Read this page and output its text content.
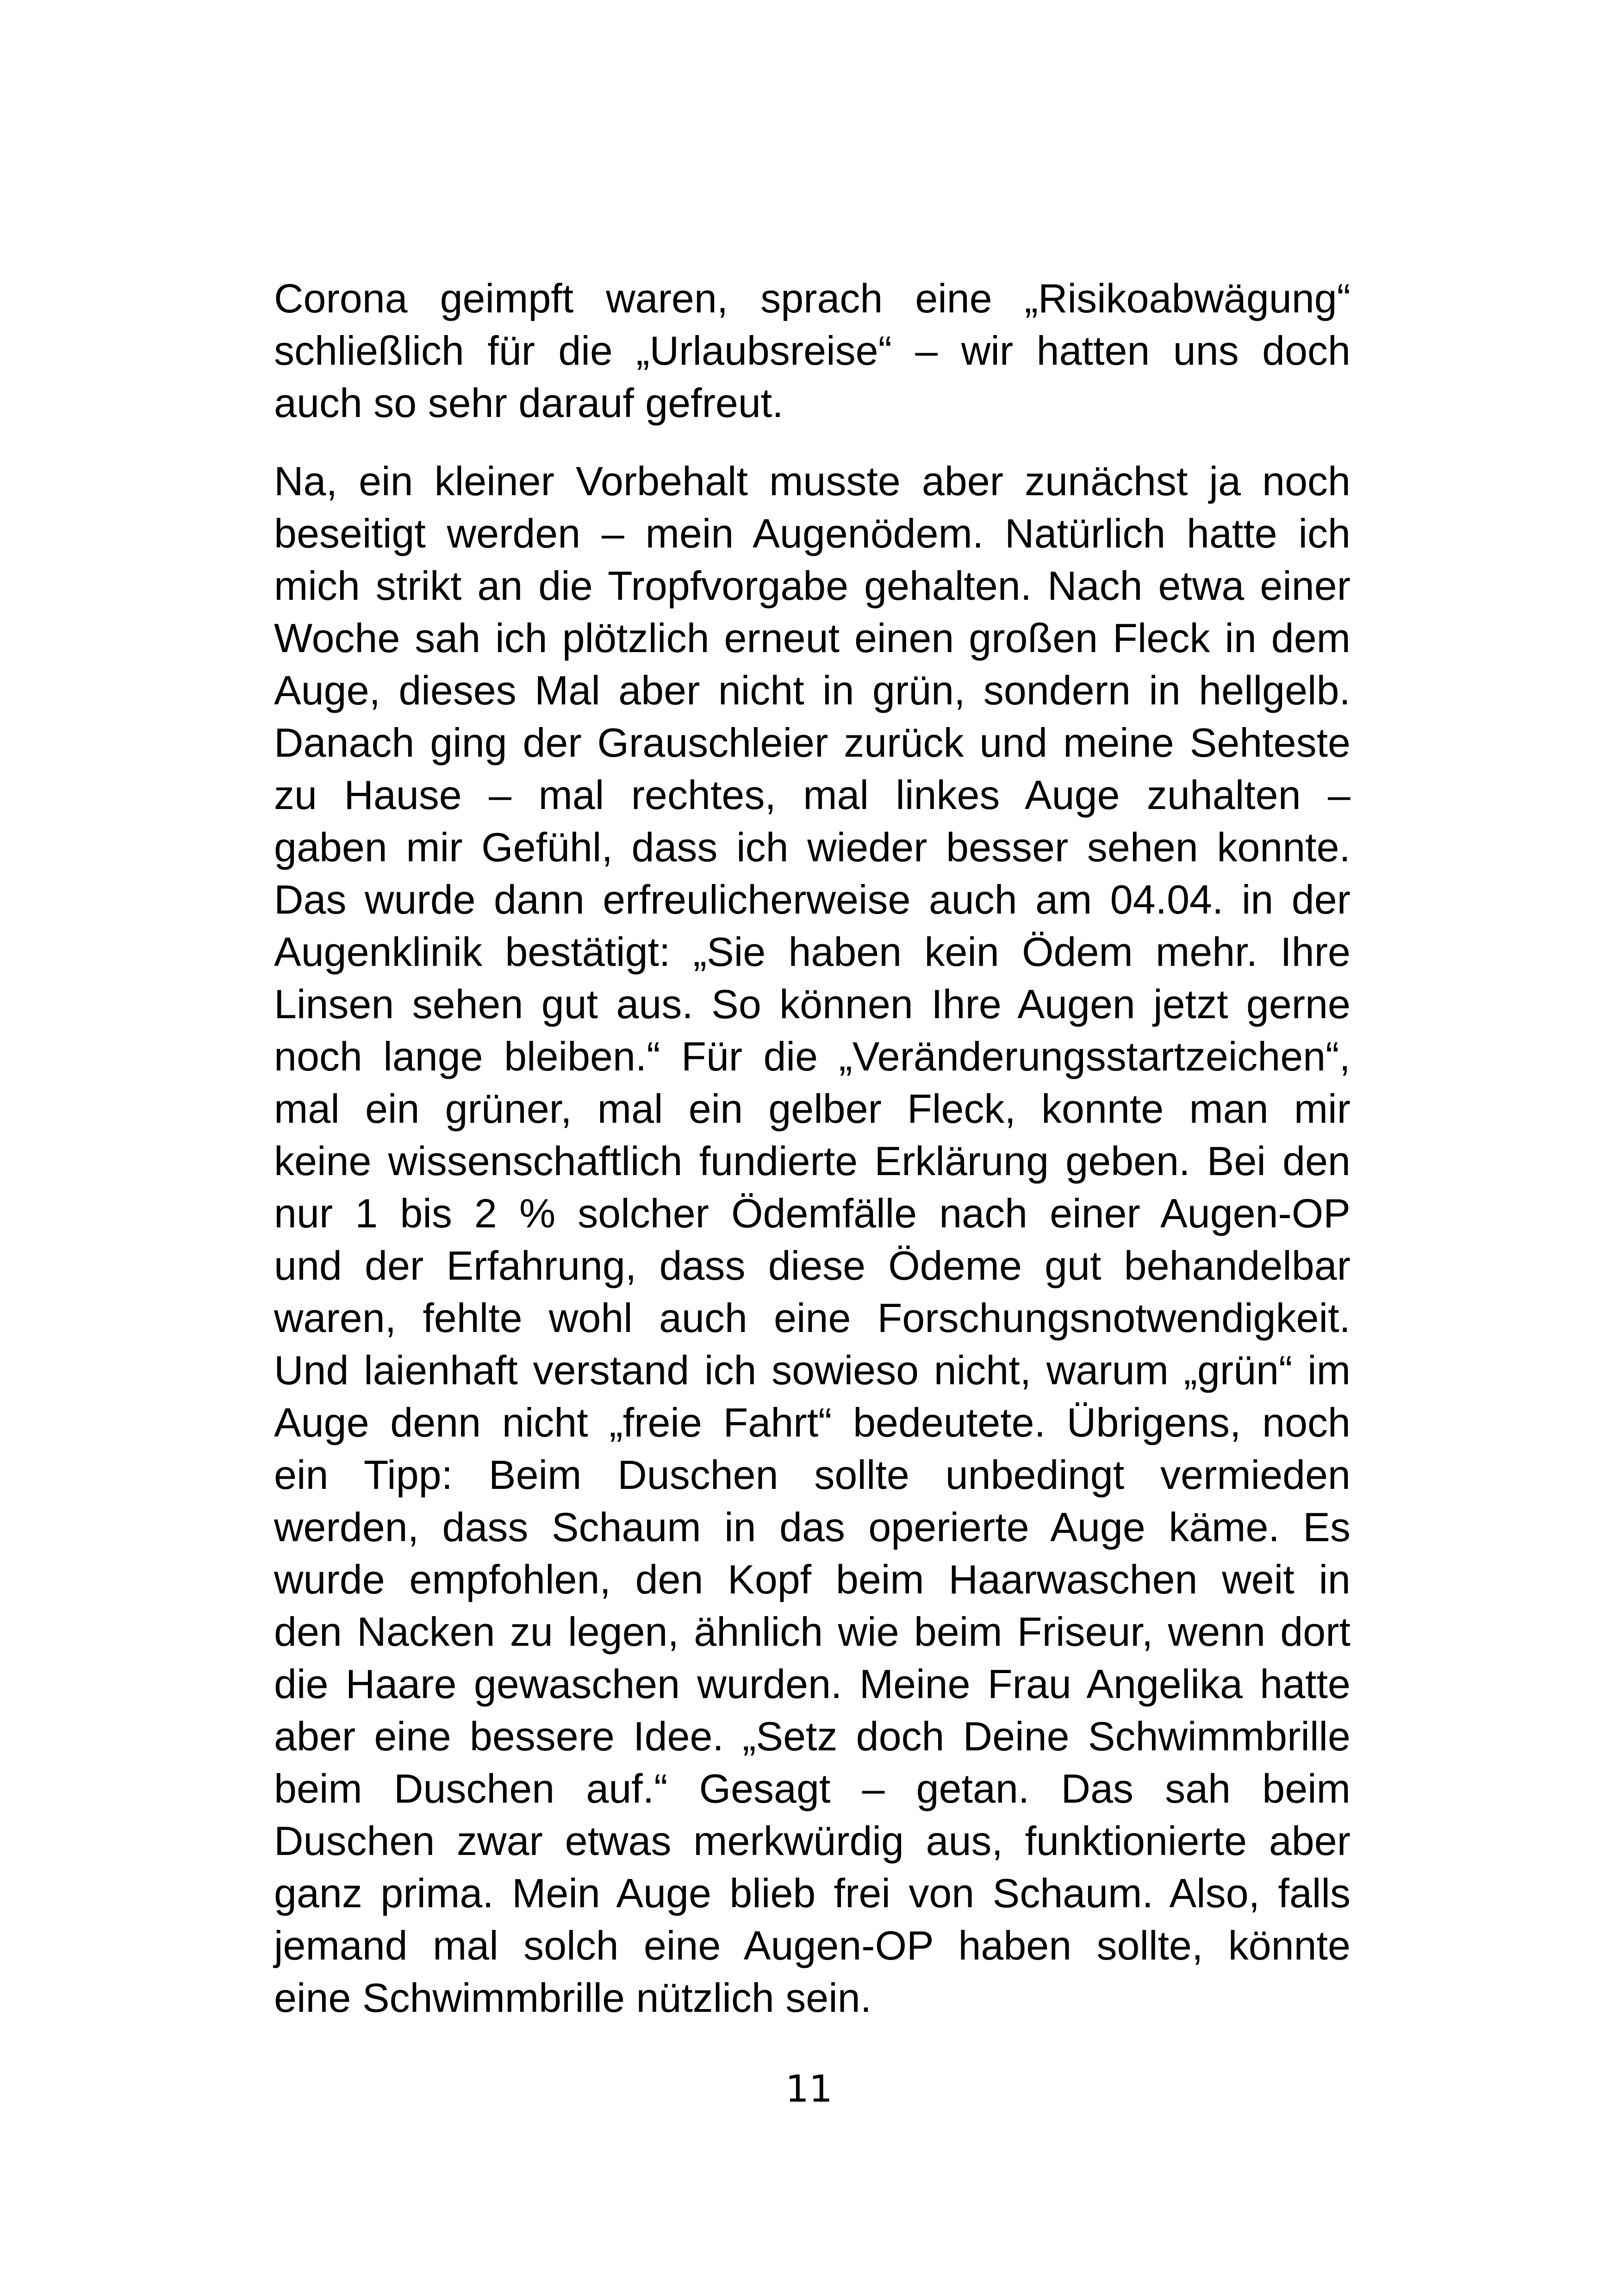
Corona geimpft waren, sprach eine „Risikoabwägung“
schließlich für die „Urlaubsreise“ – wir hatten uns doch
auch so sehr darauf gefreut.
Na, ein kleiner Vorbehalt musste aber zunächst ja noch
beseitigt werden – mein Augenödem. Natürlich hatte ich
mich strikt an die Tropfvorgabe gehalten. Nach etwa einer
Woche sah ich plötzlich erneut einen großen Fleck in dem
Auge, dieses Mal aber nicht in grün, sondern in hellgelb.
Danach ging der Grauschleier zurück und meine Sehteste
zu Hause – mal rechtes, mal linkes Auge zuhalten –
gaben mir Gefühl, dass ich wieder besser sehen konnte.
Das wurde dann erfreulicherweise auch am 04.04. in der
Augenklinik bestätigt: „Sie haben kein Ödem mehr. Ihre
Linsen sehen gut aus. So können Ihre Augen jetzt gerne
noch lange bleiben.“ Für die „Veränderungsstartzeichen“,
mal ein grüner, mal ein gelber Fleck, konnte man mir
keine wissenschaftlich fundierte Erklärung geben. Bei den
nur 1 bis 2 % solcher Ödemfälle nach einer Augen-OP
und der Erfahrung, dass diese Ödeme gut behandelbar
waren, fehlte wohl auch eine Forschungsnotwendigkeit.
Und laienhaft verstand ich sowieso nicht, warum „grün“ im
Auge denn nicht „freie Fahrt“ bedeutete. Übrigens, noch
ein Tipp: Beim Duschen sollte unbedingt vermieden
werden, dass Schaum in das operierte Auge käme. Es
wurde empfohlen, den Kopf beim Haarwaschen weit in
den Nacken zu legen, ähnlich wie beim Friseur, wenn dort
die Haare gewaschen wurden. Meine Frau Angelika hatte
aber eine bessere Idee. „Setz doch Deine Schwimmbrille
beim Duschen auf.“ Gesagt – getan. Das sah beim
Duschen zwar etwas merkwürdig aus, funktionierte aber
ganz prima. Mein Auge blieb frei von Schaum. Also, falls
jemand mal solch eine Augen-OP haben sollte, könnte
eine Schwimmbrille nützlich sein.
11
